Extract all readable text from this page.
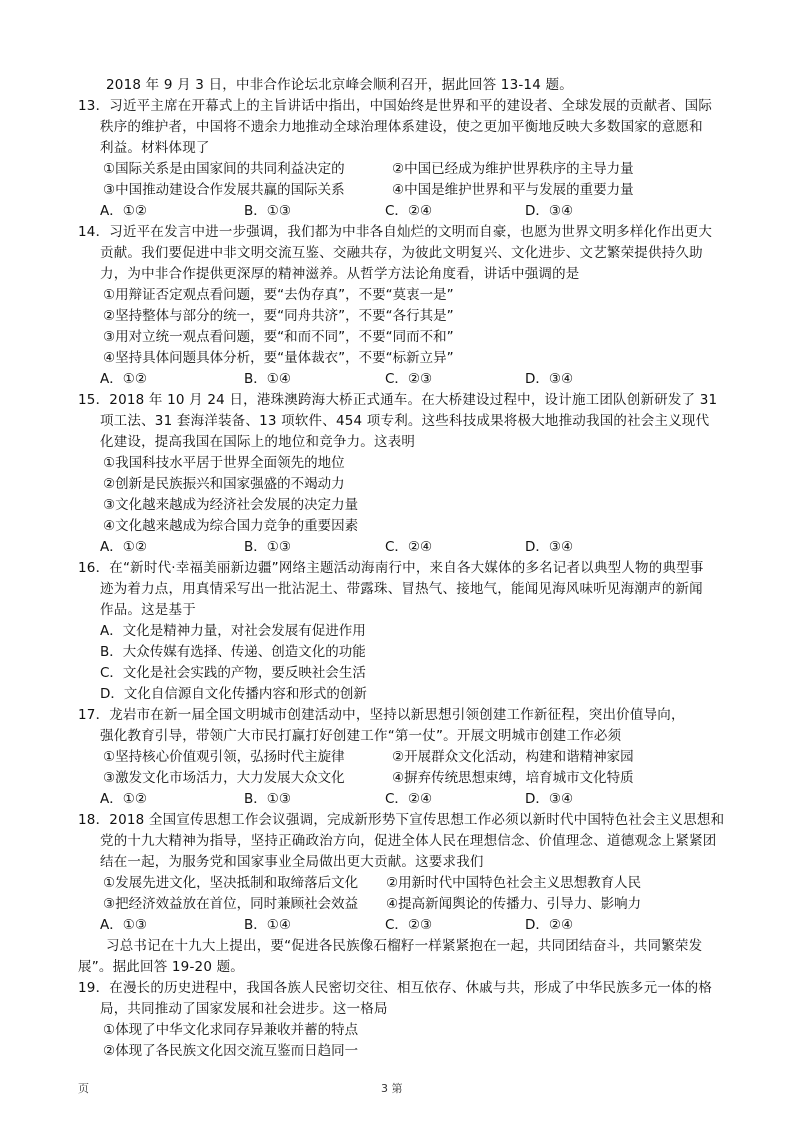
2018 年 9 月 3 日，中非合作论坛北京峰会顺利召开，据此回答 13-14 题。
13．习近平主席在开幕式上的主旨讲话中指出，中国始终是世界和平的建设者、全球发展的贡献者、国际
秩序的维护者，中国将不遗余力地推动全球治理体系建设，使之更加平衡地反映大多数国家的意愿和
利益。材料体现了
①国际关系是由国家间的共同利益决定的	②中国已经成为维护世界秩序的主导力量
③中国推动建设合作发展共赢的国际关系	④中国是维护世界和平与发展的重要力量
A．①②	B．①③	C．②④	D．③④
14．习近平在发言中进一步强调，我们都为中非各自灿烂的文明而自豪，也愿为世界文明多样化作出更大
贡献。我们要促进中非文明交流互鉴、交融共存，为彼此文明复兴、文化进步、文艺繁荣提供持久助
力，为中非合作提供更深厚的精神滋养。从哲学方法论角度看，讲话中强调的是
①用辩证否定观点看问题，要“去伪存真”，不要“莫衷一是”
②坚持整体与部分的统一，要“同舟共济”，不要“各行其是”
③用对立统一观点看问题，要“和而不同”，不要“同而不和”
④坚持具体问题具体分析，要“量体裁衣”，不要“标新立异”
A．①②	B．①④	C．②③	D．③④
15．2018 年 10 月 24 日，港珠澳跨海大桥正式通车。在大桥建设过程中，设计施工团队创新研发了 31
项工法、31 套海洋装备、13 项软件、454 项专利。这些科技成果将极大地推动我国的社会主义现代
化建设，提高我国在国际上的地位和竞争力。这表明
①我国科技水平居于世界全面领先的地位
②创新是民族振兴和国家强盛的不竭动力
③文化越来越成为经济社会发展的决定力量
④文化越来越成为综合国力竞争的重要因素
A．①②	B．①③	C．②④	D．③④
16．在“新时代·幸福美丽新边疆”网络主题活动海南行中，来自各大媒体的多名记者以典型人物的典型事
迹为着力点，用真情采写出一批沾泥土、带露珠、冒热气、接地气，能闻见海风味听见海潮声的新闻
作品。这是基于
A．文化是精神力量，对社会发展有促进作用
B．大众传媒有选择、传递、创造文化的功能
C．文化是社会实践的产物，要反映社会生活
D．文化自信源自文化传播内容和形式的创新
17．龙岩市在新一届全国文明城市创建活动中，坚持以新思想引领创建工作新征程，突出价值导向，
强化教育引导，带领广大市民打赢打好创建工作“第一仗”。开展文明城市创建工作必须
①坚持核心价值观引领，弘扬时代主旋律	②开展群众文化活动，构建和谐精神家园
③激发文化市场活力，大力发展大众文化	④摒弃传统思想束缚，培育城市文化特质
A．①②	B．①③	C．②④	D．③④
18．2018 全国宣传思想工作会议强调，完成新形势下宣传思想工作必须以新时代中国特色社会主义思想和
党的十九大精神为指导，坚持正确政治方向，促进全体人民在理想信念、价值理念、道德观念上紧紧团
结在一起，为服务党和国家事业全局做出更大贡献。这要求我们
①发展先进文化，坚决抵制和取缔落后文化 ②用新时代中国特色社会主义思想教育人民
③把经济效益放在首位，同时兼顾社会效益 ④提高新闻舆论的传播力、引导力、影响力
A．①③	B．①④	C．②③	D．②④
习总书记在十九大上提出，要“促进各民族像石榴籽一样紧紧抱在一起，共同团结奋斗，共同繁荣发
展”。据此回答 19-20 题。
19．在漫长的历史进程中，我国各族人民密切交往、相互依存、休戚与共，形成了中华民族多元一体的格
局，共同推动了国家发展和社会进步。这一格局
①体现了中华文化求同存异兼收并蓄的特点
②体现了各民族文化因交流互鉴而日趋同一
页	3 第
